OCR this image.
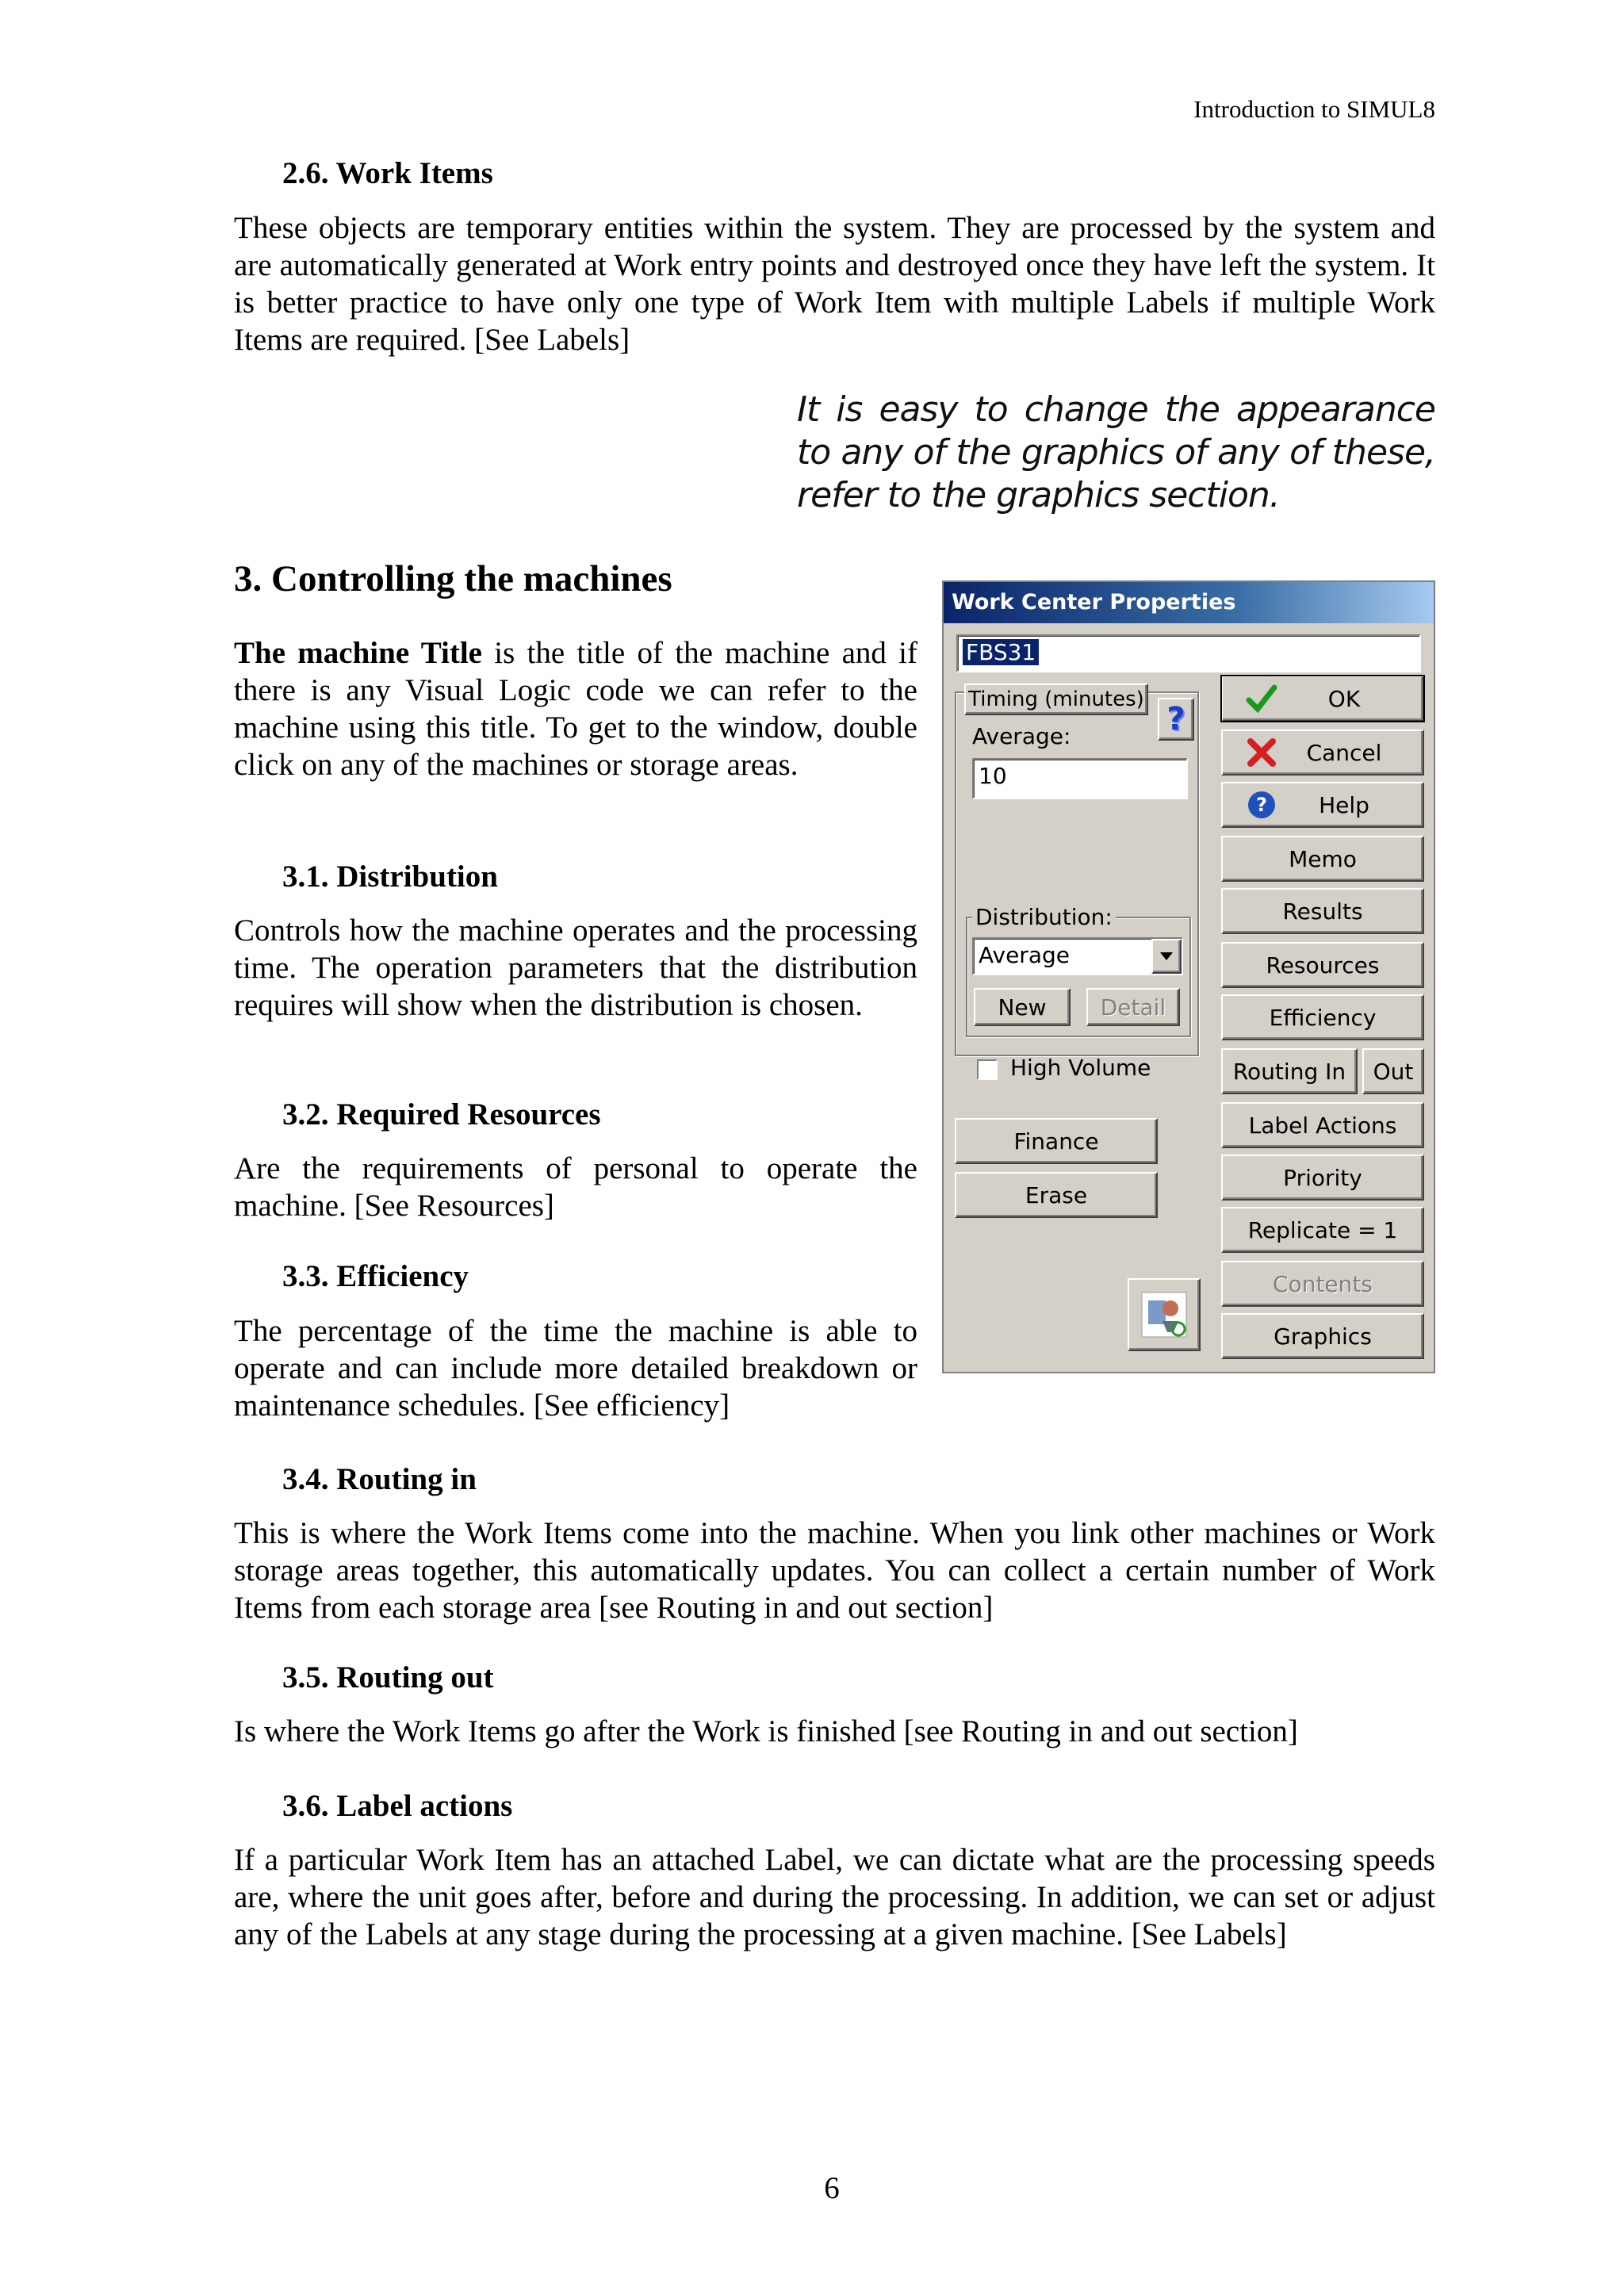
Introduction to SIMUL8
2.6. Work Items
These objects are temporary entities within the system. They are processed by the system and are automatically generated at Work entry points and destroyed once they have left the system. It is better practice to have only one type of Work Item with multiple Labels if multiple Work Items are required. [See Labels]
It is easy to change the appearance to any of the graphics of any of these, refer to the graphics section.
3. Controlling the machines
The machine Title is the title of the machine and if there is any Visual Logic code we can refer to the machine using this title. To get to the window, double click on any of the machines or storage areas.
3.1. Distribution
Controls how the machine operates and the processing time. The operation parameters that the distribution requires will show when the distribution is chosen.
3.2. Required Resources
Are the requirements of personal to operate the machine. [See Resources]
3.3. Efficiency
The percentage of the time the machine is able to operate and can include more detailed breakdown or maintenance schedules. [See efficiency]
3.4. Routing in
This is where the Work Items come into the machine. When you link other machines or Work storage areas together, this automatically updates. You can collect a certain number of Work Items from each storage area [see Routing in and out section]
3.5. Routing out
Is where the Work Items go after the Work is finished [see Routing in and out section]
3.6. Label actions
If a particular Work Item has an attached Label, we can dictate what are the processing speeds are, where the unit goes after, before and during the processing. In addition, we can set or adjust any of the Labels at any stage during the processing at a given machine. [See Labels]
6
Work Center Properties
FBS31
Timing (minutes)
?
Average:
10
Distribution:
Average
New Detail
High Volume
Finance
Erase
OK
Cancel
?	Help
Memo
Results
Resources
Efficiency
Routing In Out
Label Actions
Priority
Replicate = 1
Contents
Graphics
